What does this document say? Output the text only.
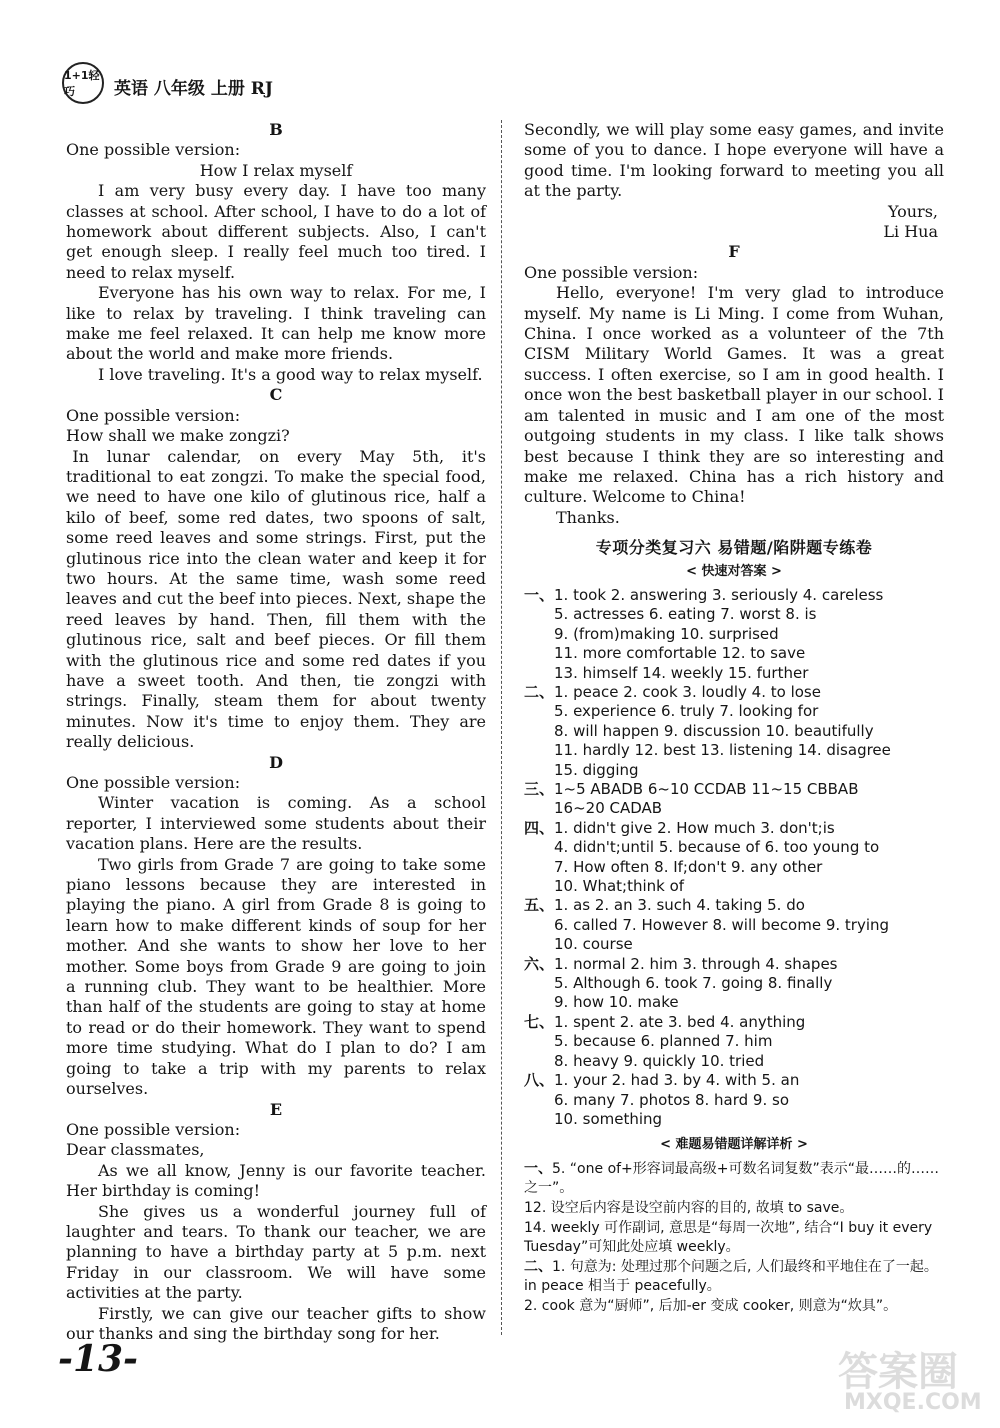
1+1轻巧	英语 八年级 上册 RJ
B

One possible version:

How I relax myself

I am very busy every day. I have too many classes at school. After school, I have to do a lot of homework about different subjects. Also, I can't get enough sleep. I really feel much too tired. I need to relax myself.

Everyone has his own way to relax. For me, I like to relax by traveling. I think traveling can make me feel relaxed. It can help me know more about the world and make more friends.

I love traveling. It's a good way to relax myself.

C

One possible version:

How shall we make zongzi?

In lunar calendar, on every May 5th, it's traditional to eat zongzi. To make the special food, we need to have one kilo of glutinous rice, half a kilo of beef, some red dates, two spoons of salt, some reed leaves and some strings. First, put the glutinous rice into the clean water and keep it for two hours. At the same time, wash some reed leaves and cut the beef into pieces. Next, shape the reed leaves by hand. Then, fill them with the glutinous rice, salt and beef pieces. Or fill them with the glutinous rice and some red dates if you have a sweet tooth. And then, tie zongzi with strings. Finally, steam them for about twenty minutes. Now it's time to enjoy them. They are really delicious.

D

One possible version:

Winter vacation is coming. As a school reporter, I interviewed some students about their vacation plans. Here are the results.

Two girls from Grade 7 are going to take some piano lessons because they are interested in playing the piano. A girl from Grade 8 is going to learn how to make different kinds of soup for her mother. And she wants to show her love to her mother. Some boys from Grade 9 are going to join a running club. They want to be healthier. More than half of the students are going to stay at home to read or do their homework. They want to spend more time studying. What do I plan to do? I am going to take a trip with my parents to relax ourselves.

E

One possible version:

Dear classmates,

As we all know, Jenny is our favorite teacher. Her birthday is coming!

She gives us a wonderful journey full of laughter and tears. To thank our teacher, we are planning to have a birthday party at 5 p.m. next Friday in our classroom. We will have some activities at the party.

Firstly, we can give our teacher gifts to show our thanks and sing the birthday song for her.

Secondly, we will play some easy games, and invite some of you to dance. I hope everyone will have a good time. I'm looking forward to meeting you all at the party.

Yours,

Li Hua

F

One possible version:

Hello, everyone! I'm very glad to introduce myself. My name is Li Ming. I come from Wuhan, China. I once worked as a volunteer of the 7th CISM Military World Games. It was a great success. I often exercise, so I am in good health. I once won the best basketball player in our school. I am talented in music and I am one of the most outgoing students in my class. I like talk shows best because I think they are so interesting and make me relaxed. China has a rich history and culture. Welcome to China!

Thanks.

专项分类复习六 易错题/陷阱题专练卷
< 快速对答案 >

一、1. took 2. answering 3. seriously 4. careless

5. actresses 6. eating 7. worst 8. is

9. (from)making 10. surprised

11. more comfortable 12. to save

13. himself 14. weekly 15. further

二、1. peace 2. cook 3. loudly 4. to lose

5. experience 6. truly 7. looking for

8. will happen 9. discussion 10. beautifully

11. hardly 12. best 13. listening 14. disagree

15. digging

三、1~5 ABADB 6~10 CCDAB 11~15 CBBAB

16~20 CADAB

四、1. didn't give 2. How much 3. don't;is

4. didn't;until 5. because of 6. too young to

7. How often 8. If;don't 9. any other

10. What;think of

五、1. as 2. an 3. such 4. taking 5. do

6. called 7. However 8. will become 9. trying

10. course

六、1. normal 2. him 3. through 4. shapes

5. Although 6. took 7. going 8. finally

9. how 10. make

七、1. spent 2. ate 3. bed 4. anything

5. because 6. planned 7. him

8. heavy 9. quickly 10. tried

八、1. your 2. had 3. by 4. with 5. an

6. many 7. photos 8. hard 9. so

10. something

< 难题易错题详解详析 >

一、5. “one of+形容词最高级+可数名词复数”表示“最……的……之一”。

12. 设空后内容是设空前内容的目的, 故填 to save。

14. weekly 可作副词, 意思是“每周一次地”, 结合“I buy it every Tuesday”可知此处应填 weekly。

二、1. 句意为: 处理过那个问题之后, 人们最终和平地住在了一起。in peace 相当于 peacefully。

2. cook 意为“厨师”, 后加-er 变成 cooker, 则意为“炊具”。

-13-	答案圈
MXQE.COM
